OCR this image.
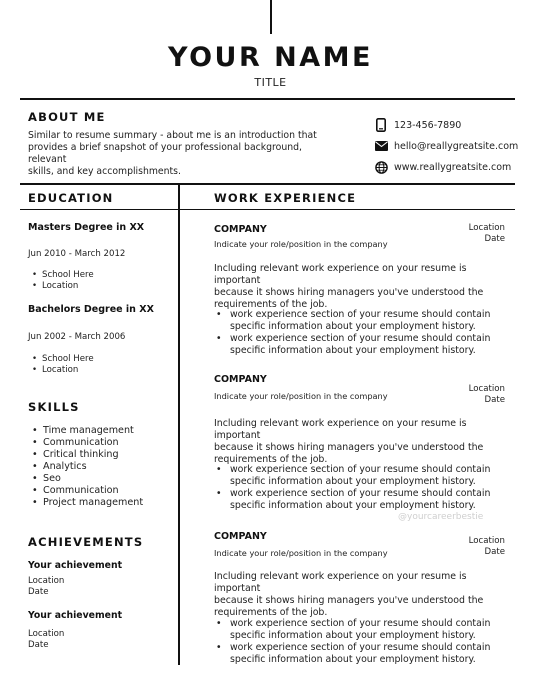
YOUR NAME
TITLE
ABOUT ME
Similar to resume summary - about me is an introduction that
provides a brief snapshot of your professional background, relevant
skills, and key accomplishments.
123-456-7890
hello@reallygreatsite.com
www.reallygreatsite.com
EDUCATION	WORK EXPERIENCE
Masters Degree in XX
Jun 2010 - March 2012
• School Here
• Location
Bachelors Degree in XX
Jun 2002 - March 2006
• School Here
• Location
SKILLS
• Time management
• Communication
• Critical thinking
• Analytics
• Seo
• Communication
• Project management
ACHIEVEMENTS
Your achievement
Location
Date
Your achievement
Location
Date
COMPANY
Indicate your role/position in the company
Location
Date
Including relevant work experience on your resume is important
because it shows hiring managers you've understood the
requirements of the job.
• work experience section of your resume should contain
specific information about your employment history.
• work experience section of your resume should contain
specific information about your employment history.
COMPANY
Indicate your role/position in the company
Location
Date
Including relevant work experience on your resume is important
because it shows hiring managers you've understood the
requirements of the job.
• work experience section of your resume should contain
specific information about your employment history.
• work experience section of your resume should contain
specific information about your employment history.
COMPANY
Indicate your role/position in the company
Location
Date
Including relevant work experience on your resume is important
because it shows hiring managers you've understood the
requirements of the job.
• work experience section of your resume should contain
specific information about your employment history.
• work experience section of your resume should contain
specific information about your employment history.
@yourcareerbestie
